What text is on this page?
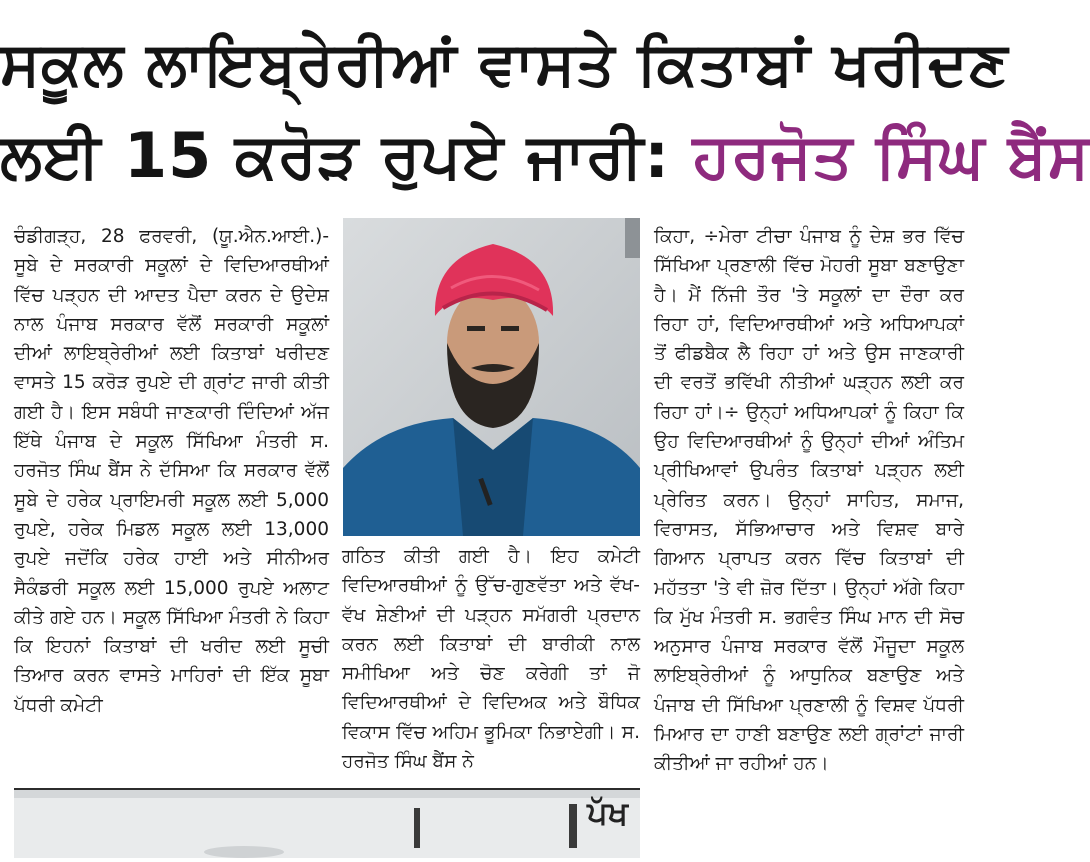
ਸਕੂਲ ਲਾਇਬ੍ਰੇਰੀਆਂ ਵਾਸਤੇ ਕਿਤਾਬਾਂ ਖਰੀਦਣ
ਲਈ 15 ਕਰੋੜ ਰੁਪਏ ਜਾਰੀ: ਹਰਜੋਤ ਸਿੰਘ ਬੈਂਸ
ਚੰਡੀਗੜ੍ਹ, 28 ਫਰਵਰੀ, (ਯੂ.ਐਨ.ਆਈ.)- ਸੂਬੇ ਦੇ ਸਰਕਾਰੀ ਸਕੂਲਾਂ ਦੇ ਵਿਦਿਆਰਥੀਆਂ ਵਿੱਚ ਪੜ੍ਹਨ ਦੀ ਆਦਤ ਪੈਦਾ ਕਰਨ ਦੇ ਉਦੇਸ਼ ਨਾਲ ਪੰਜਾਬ ਸਰਕਾਰ ਵੱਲੋਂ ਸਰਕਾਰੀ ਸਕੂਲਾਂ ਦੀਆਂ ਲਾਇਬ੍ਰੇਰੀਆਂ ਲਈ ਕਿਤਾਬਾਂ ਖਰੀਦਣ ਵਾਸਤੇ 15 ਕਰੋੜ ਰੁਪਏ ਦੀ ਗ੍ਰਾਂਟ ਜਾਰੀ ਕੀਤੀ ਗਈ ਹੈ। ਇਸ ਸਬੰਧੀ ਜਾਣਕਾਰੀ ਦਿੰਦਿਆਂ ਅੱਜ ਇੱਥੇ ਪੰਜਾਬ ਦੇ ਸਕੂਲ ਸਿੱਖਿਆ ਮੰਤਰੀ ਸ. ਹਰਜੋਤ ਸਿੰਘ ਬੈਂਸ ਨੇ ਦੱਸਿਆ ਕਿ ਸਰਕਾਰ ਵੱਲੋਂ ਸੂਬੇ ਦੇ ਹਰੇਕ ਪ੍ਰਾਇਮਰੀ ਸਕੂਲ ਲਈ 5,000 ਰੁਪਏ, ਹਰੇਕ ਮਿਡਲ ਸਕੂਲ ਲਈ 13,000 ਰੁਪਏ ਜਦੋਂਕਿ ਹਰੇਕ ਹਾਈ ਅਤੇ ਸੀਨੀਅਰ ਸੈਕੰਡਰੀ ਸਕੂਲ ਲਈ 15,000 ਰੁਪਏ ਅਲਾਟ ਕੀਤੇ ਗਏ ਹਨ। ਸਕੂਲ ਸਿੱਖਿਆ ਮੰਤਰੀ ਨੇ ਕਿਹਾ ਕਿ ਇਹਨਾਂ ਕਿਤਾਬਾਂ ਦੀ ਖਰੀਦ ਲਈ ਸੂਚੀ ਤਿਆਰ ਕਰਨ ਵਾਸਤੇ ਮਾਹਿਰਾਂ ਦੀ ਇੱਕ ਸੂਬਾ ਪੱਧਰੀ ਕਮੇਟੀ
ਗਠਿਤ ਕੀਤੀ ਗਈ ਹੈ। ਇਹ ਕਮੇਟੀ ਵਿਦਿਆਰਥੀਆਂ ਨੂੰ ਉੱਚ-ਗੁਣਵੱਤਾ ਅਤੇ ਵੱਖ-ਵੱਖ ਸ਼ੇਣੀਆਂ ਦੀ ਪੜ੍ਹਨ ਸਮੱਗਰੀ ਪ੍ਰਦਾਨ ਕਰਨ ਲਈ ਕਿਤਾਬਾਂ ਦੀ ਬਾਰੀਕੀ ਨਾਲ ਸਮੀਖਿਆ ਅਤੇ ਚੋਣ ਕਰੇਗੀ ਤਾਂ ਜੋ ਵਿਦਿਆਰਥੀਆਂ ਦੇ ਵਿਦਿਅਕ ਅਤੇ ਬੌਧਿਕ ਵਿਕਾਸ ਵਿੱਚ ਅਹਿਮ ਭੂਮਿਕਾ ਨਿਭਾਏਗੀ। ਸ. ਹਰਜੋਤ ਸਿੰਘ ਬੈਂਸ ਨੇ
ਕਿਹਾ, ÷ਮੇਰਾ ਟੀਚਾ ਪੰਜਾਬ ਨੂੰ ਦੇਸ਼ ਭਰ ਵਿੱਚ ਸਿੱਖਿਆ ਪ੍ਰਣਾਲੀ ਵਿੱਚ ਮੋਹਰੀ ਸੂਬਾ ਬਣਾਉਣਾ ਹੈ। ਮੈਂ ਨਿੱਜੀ ਤੌਰ 'ਤੇ ਸਕੂਲਾਂ ਦਾ ਦੌਰਾ ਕਰ ਰਿਹਾ ਹਾਂ, ਵਿਦਿਆਰਥੀਆਂ ਅਤੇ ਅਧਿਆਪਕਾਂ ਤੋਂ ਫੀਡਬੈਕ ਲੈ ਰਿਹਾ ਹਾਂ ਅਤੇ ਉਸ ਜਾਣਕਾਰੀ ਦੀ ਵਰਤੋਂ ਭਵਿੱਖੀ ਨੀਤੀਆਂ ਘੜ੍ਹਨ ਲਈ ਕਰ ਰਿਹਾ ਹਾਂ।÷ ਉਨ੍ਹਾਂ ਅਧਿਆਪਕਾਂ ਨੂੰ ਕਿਹਾ ਕਿ ਉਹ ਵਿਦਿਆਰਥੀਆਂ ਨੂੰ ਉਨ੍ਹਾਂ ਦੀਆਂ ਅੰਤਿਮ ਪ੍ਰੀਖਿਆਵਾਂ ਉਪਰੰਤ ਕਿਤਾਬਾਂ ਪੜ੍ਹਨ ਲਈ ਪ੍ਰੇਰਿਤ ਕਰਨ। ਉਨ੍ਹਾਂ ਸਾਹਿਤ, ਸਮਾਜ, ਵਿਰਾਸਤ, ਸੱਭਿਆਚਾਰ ਅਤੇ ਵਿਸ਼ਵ ਬਾਰੇ ਗਿਆਨ ਪ੍ਰਾਪਤ ਕਰਨ ਵਿੱਚ ਕਿਤਾਬਾਂ ਦੀ ਮਹੱਤਤਾ 'ਤੇ ਵੀ ਜ਼ੋਰ ਦਿੱਤਾ। ਉਨ੍ਹਾਂ ਅੱਗੇ ਕਿਹਾ ਕਿ ਮੁੱਖ ਮੰਤਰੀ ਸ. ਭਗਵੰਤ ਸਿੰਘ ਮਾਨ ਦੀ ਸੋਚ ਅਨੁਸਾਰ ਪੰਜਾਬ ਸਰਕਾਰ ਵੱਲੋਂ ਮੌਜੂਦਾ ਸਕੂਲ ਲਾਇਬ੍ਰੇਰੀਆਂ ਨੂੰ ਆਧੁਨਿਕ ਬਣਾਉਣ ਅਤੇ ਪੰਜਾਬ ਦੀ ਸਿੱਖਿਆ ਪ੍ਰਣਾਲੀ ਨੂੰ ਵਿਸ਼ਵ ਪੱਧਰੀ ਮਿਆਰ ਦਾ ਹਾਣੀ ਬਣਾਉਣ ਲਈ ਗ੍ਰਾਂਟਾਂ ਜਾਰੀ ਕੀਤੀਆਂ ਜਾ ਰਹੀਆਂ ਹਨ।
ਪੱਖ
